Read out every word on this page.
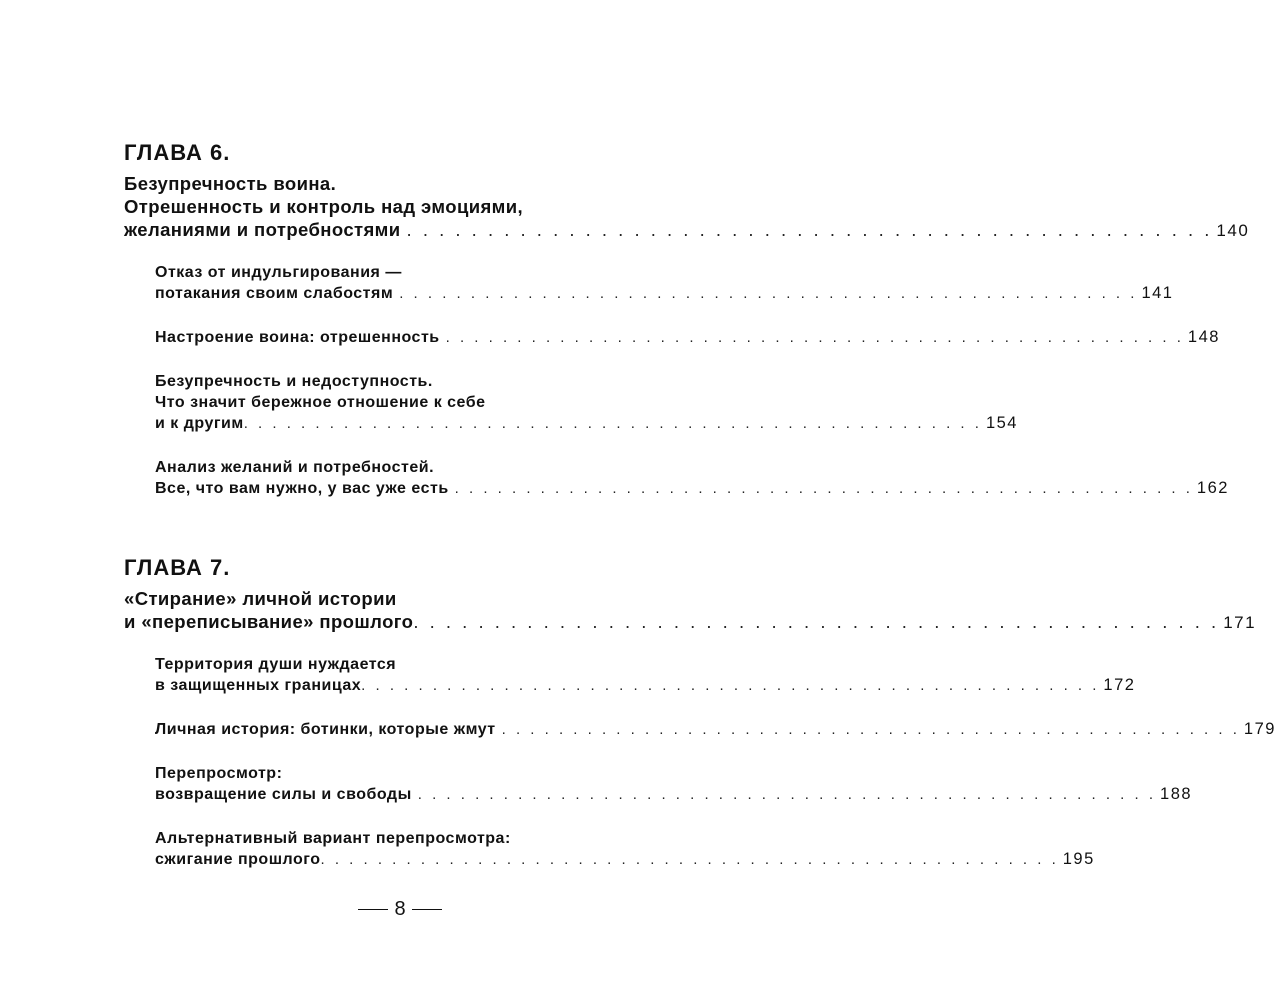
ГЛАВА 6.
Безупречность воина.
Отрешенность и контроль над эмоциями,
желаниями и потребностями . . . . . . . . . . . . . . . . . . . . . . . . . . . . . . . . . . . . . . . . . . . . . . . . . . 140
Отказ от индульгирования —
потакания своим слабостям . . . . . . . . . . . . . . . . . . . . . . . . . . . . . . . . . . . . . . . . . . . . . . . . . . . . 141
Настроение воина: отрешенность . . . . . . . . . . . . . . . . . . . . . . . . . . . . . . . . . . . . . . . . . . . . . . . . . . . . 148
Безупречность и недоступность.
Что значит бережное отношение к себе
и к другим . . . . . . . . . . . . . . . . . . . . . . . . . . . . . . . . . . . . . . . . . . . . . . . . . . . . 154
Анализ желаний и потребностей.
Все, что вам нужно, у вас уже есть . . . . . . . . . . . . . . . . . . . . . . . . . . . . . . . . . . . . . . . . . . . . . . . . . . . . 162
ГЛАВА 7.
«Стирание» личной истории
и «переписывание» прошлого . . . . . . . . . . . . . . . . . . . . . . . . . . . . . . . . . . . . . . . . . . . . . . . . . . 171
Территория души нуждается
в защищенных границах . . . . . . . . . . . . . . . . . . . . . . . . . . . . . . . . . . . . . . . . . . . . . . . . . . . . 172
Личная история: ботинки, которые жмут . . . . . . . . . . . . . . . . . . . . . . . . . . . . . . . . . . . . . . . . . . . . . . . . . . . . 179
Перепросмотр:
возвращение силы и свободы . . . . . . . . . . . . . . . . . . . . . . . . . . . . . . . . . . . . . . . . . . . . . . . . . . . . 188
Альтернативный вариант перепросмотра:
сжигание прошлого . . . . . . . . . . . . . . . . . . . . . . . . . . . . . . . . . . . . . . . . . . . . . . . . . . . . 195
8
